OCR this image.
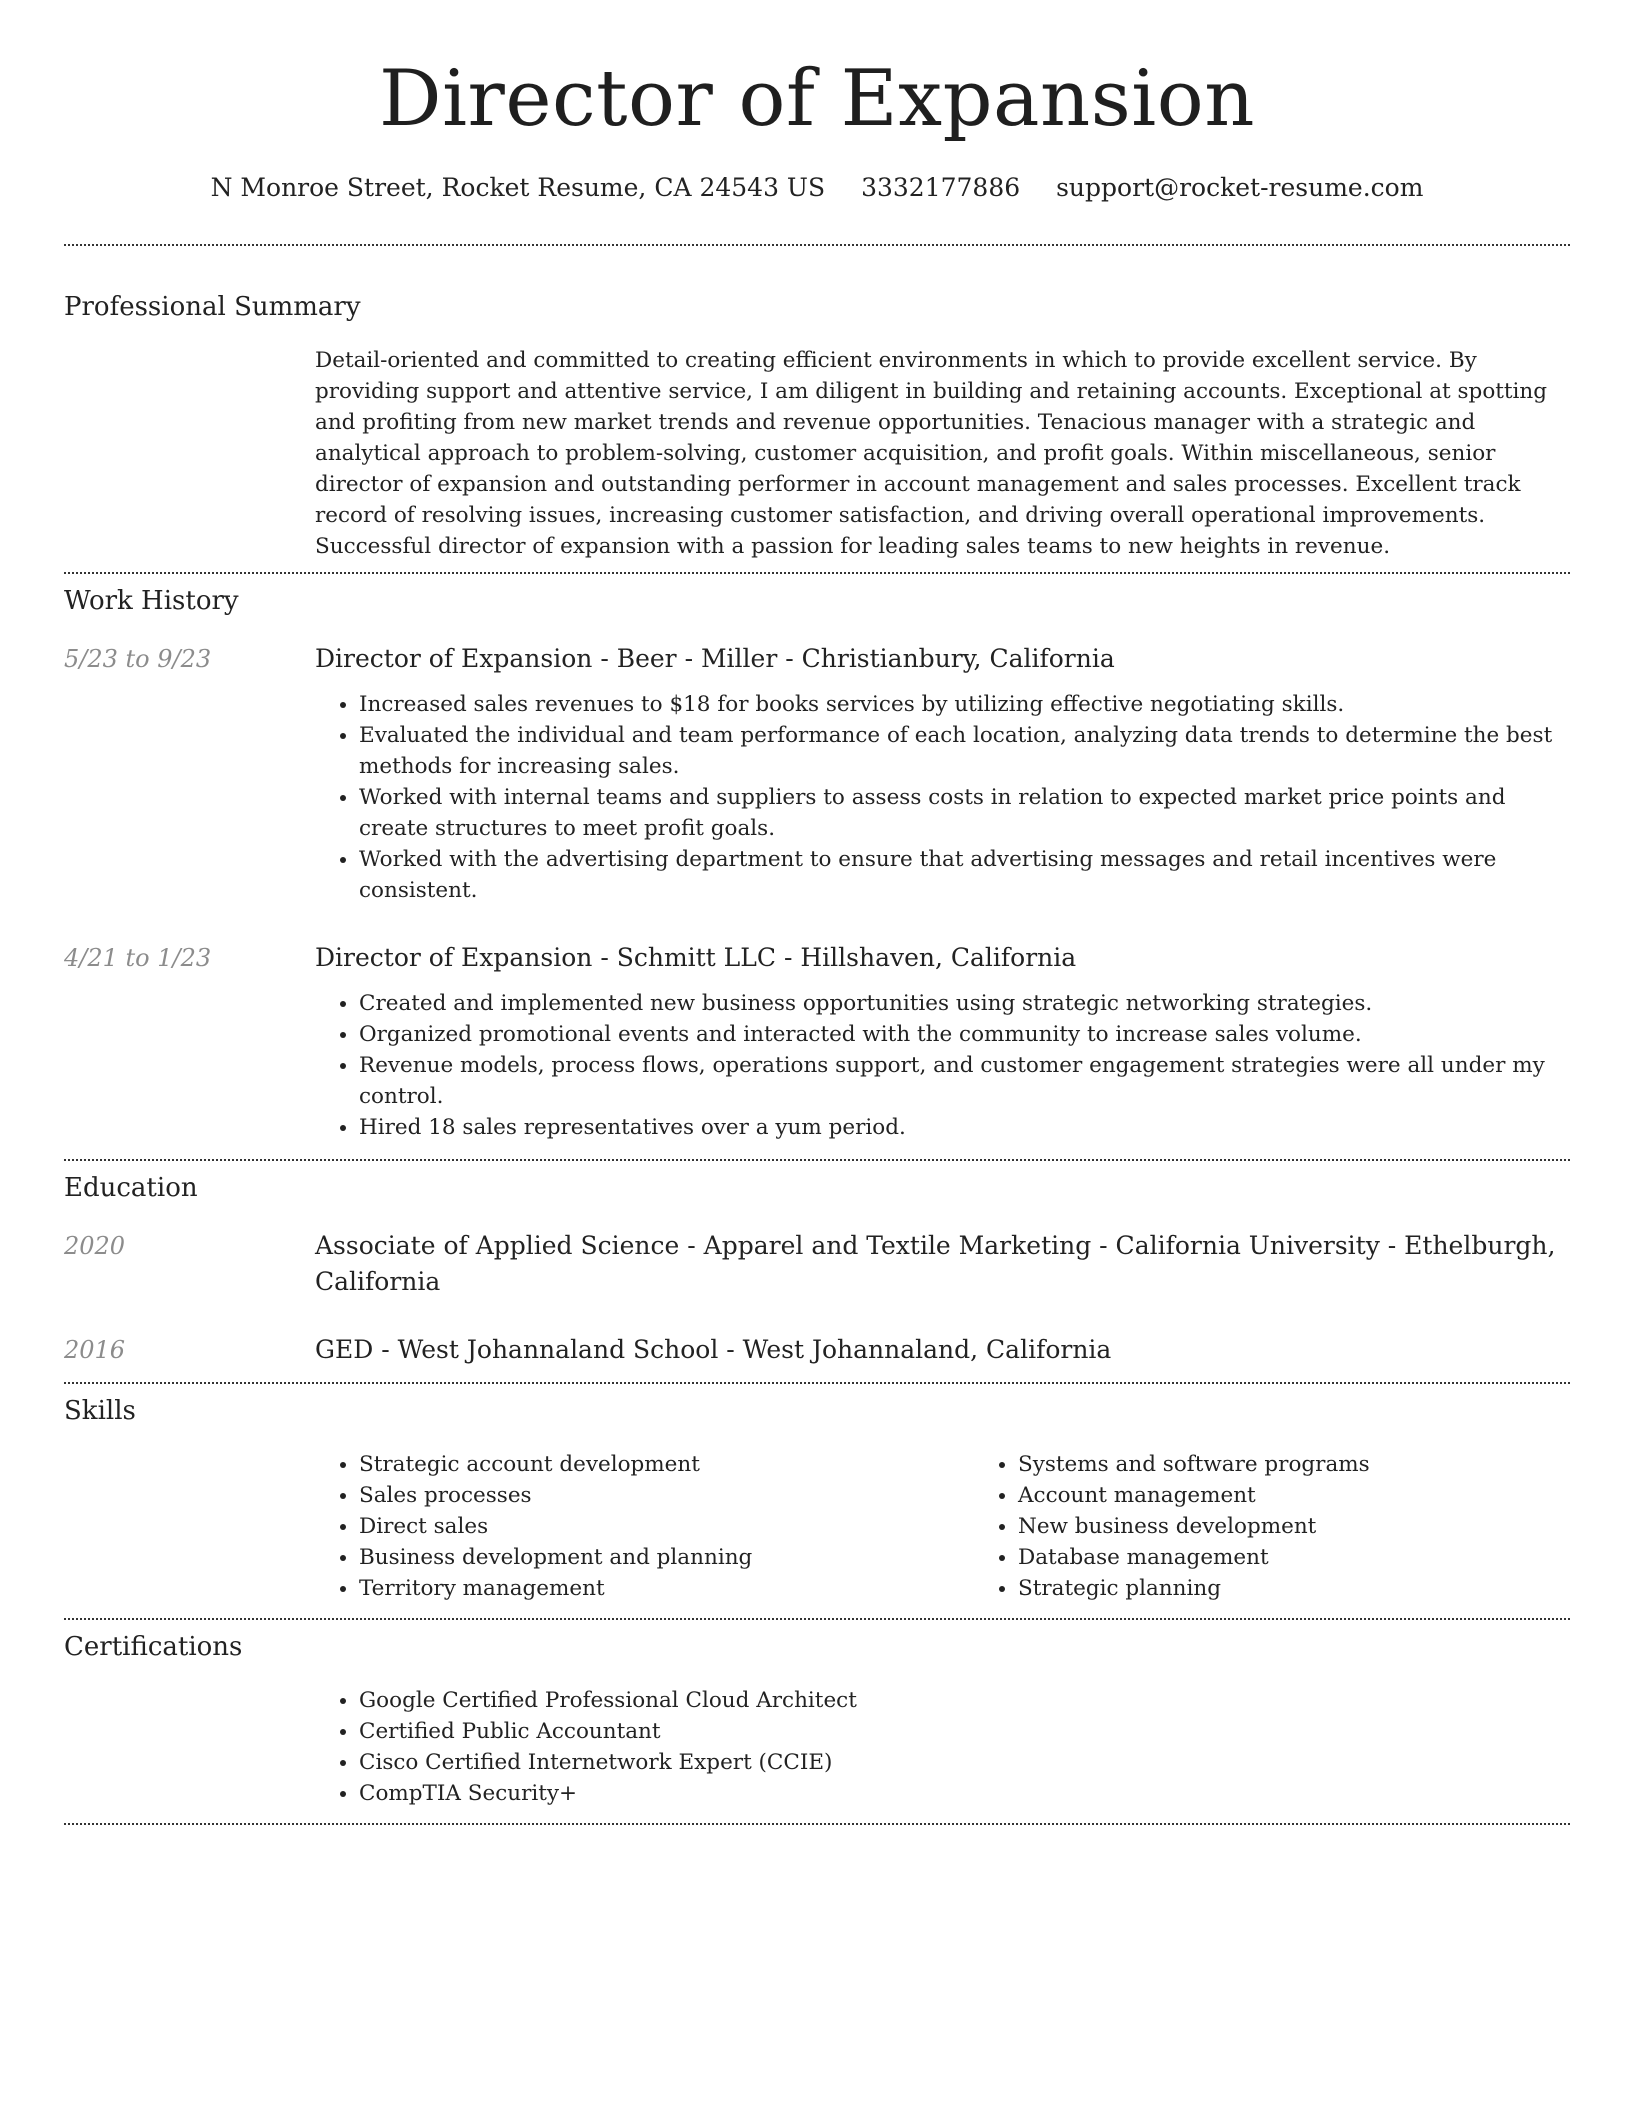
Director of Expansion
N Monroe Street, Rocket Resume, CA 24543 US 3332177886 support@rocket-resume.com
Professional Summary
Detail-oriented and committed to creating efficient environments in which to provide excellent service. By providing support and attentive service, I am diligent in building and retaining accounts. Exceptional at spotting and profiting from new market trends and revenue opportunities. Tenacious manager with a strategic and analytical approach to problem-solving, customer acquisition, and profit goals. Within miscellaneous, senior director of expansion and outstanding performer in account management and sales processes. Excellent track record of resolving issues, increasing customer satisfaction, and driving overall operational improvements. Successful director of expansion with a passion for leading sales teams to new heights in revenue.
Work History
5/23 to 9/23	Director of Expansion - Beer - Miller - Christianbury, California
• Increased sales revenues to $18 for books services by utilizing effective negotiating skills.
• Evaluated the individual and team performance of each location, analyzing data trends to determine the best methods for increasing sales.
• Worked with internal teams and suppliers to assess costs in relation to expected market price points and create structures to meet profit goals.
• Worked with the advertising department to ensure that advertising messages and retail incentives were consistent.
4/21 to 1/23	Director of Expansion - Schmitt LLC - Hillshaven, California
• Created and implemented new business opportunities using strategic networking strategies.
• Organized promotional events and interacted with the community to increase sales volume.
• Revenue models, process flows, operations support, and customer engagement strategies were all under my control.
• Hired 18 sales representatives over a yum period.
Education
2020	Associate of Applied Science - Apparel and Textile Marketing - California University - Ethelburgh, California
2016	GED - West Johannaland School - West Johannaland, California
Skills
• Strategic account development
• Sales processes
• Direct sales
• Business development and planning
• Territory management
• Systems and software programs
• Account management
• New business development
• Database management
• Strategic planning
Certifications
• Google Certified Professional Cloud Architect
• Certified Public Accountant
• Cisco Certified Internetwork Expert (CCIE)
• CompTIA Security+
